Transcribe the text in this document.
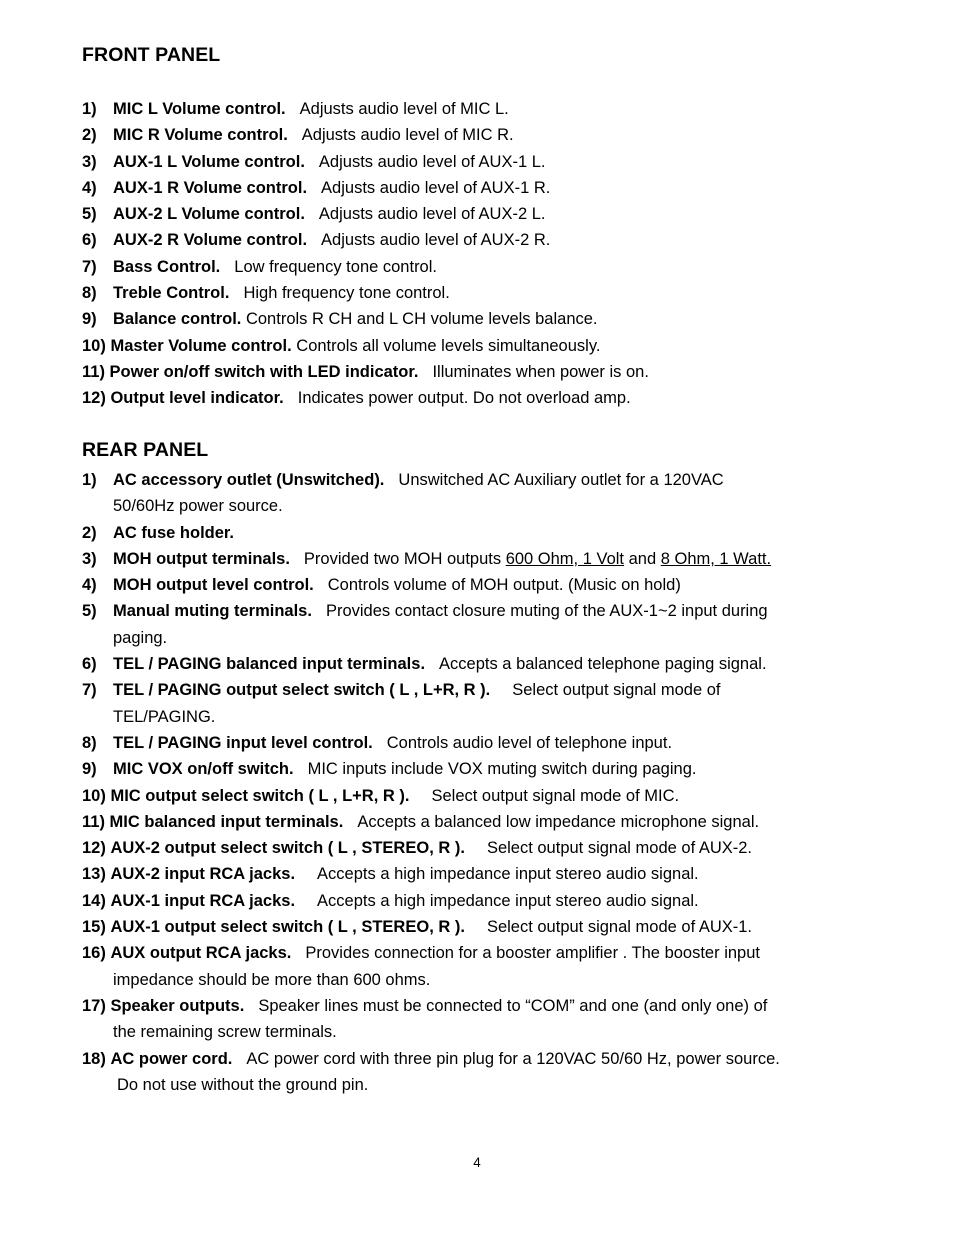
FRONT PANEL
1) MIC L Volume control. Adjusts audio level of MIC L.
2) MIC R Volume control. Adjusts audio level of MIC R.
3) AUX-1 L Volume control. Adjusts audio level of AUX-1 L.
4) AUX-1 R Volume control. Adjusts audio level of AUX-1 R.
5) AUX-2 L Volume control. Adjusts audio level of AUX-2 L.
6) AUX-2 R Volume control. Adjusts audio level of AUX-2 R.
7) Bass Control. Low frequency tone control.
8) Treble Control. High frequency tone control.
9) Balance control. Controls R CH and L CH volume levels balance.
10) Master Volume control. Controls all volume levels simultaneously.
11) Power on/off switch with LED indicator. Illuminates when power is on.
12) Output level indicator. Indicates power output. Do not overload amp.
REAR PANEL
1) AC accessory outlet (Unswitched). Unswitched AC Auxiliary outlet for a 120VAC
50/60Hz power source.
2) AC fuse holder.
3) MOH output terminals. Provided two MOH outputs 600 Ohm, 1 Volt and 8 Ohm, 1 Watt.
4) MOH output level control. Controls volume of MOH output. (Music on hold)
5) Manual muting terminals. Provides contact closure muting of the AUX-1~2 input during
paging.
6) TEL / PAGING balanced input terminals. Accepts a balanced telephone paging signal.
7) TEL / PAGING output select switch ( L , L+R, R ). Select output signal mode of
TEL/PAGING.
8) TEL / PAGING input level control. Controls audio level of telephone input.
9) MIC VOX on/off switch. MIC inputs include VOX muting switch during paging.
10) MIC output select switch ( L , L+R, R ). Select output signal mode of MIC.
11) MIC balanced input terminals. Accepts a balanced low impedance microphone signal.
12) AUX-2 output select switch ( L , STEREO, R ). Select output signal mode of AUX-2.
13) AUX-2 input RCA jacks. Accepts a high impedance input stereo audio signal.
14) AUX-1 input RCA jacks. Accepts a high impedance input stereo audio signal.
15) AUX-1 output select switch ( L , STEREO, R ). Select output signal mode of AUX-1.
16) AUX output RCA jacks. Provides connection for a booster amplifier . The booster input
impedance should be more than 600 ohms.
17) Speaker outputs. Speaker lines must be connected to “COM” and one (and only one) of
the remaining screw terminals.
18) AC power cord. AC power cord with three pin plug for a 120VAC 50/60 Hz, power source.
Do not use without the ground pin.
4
